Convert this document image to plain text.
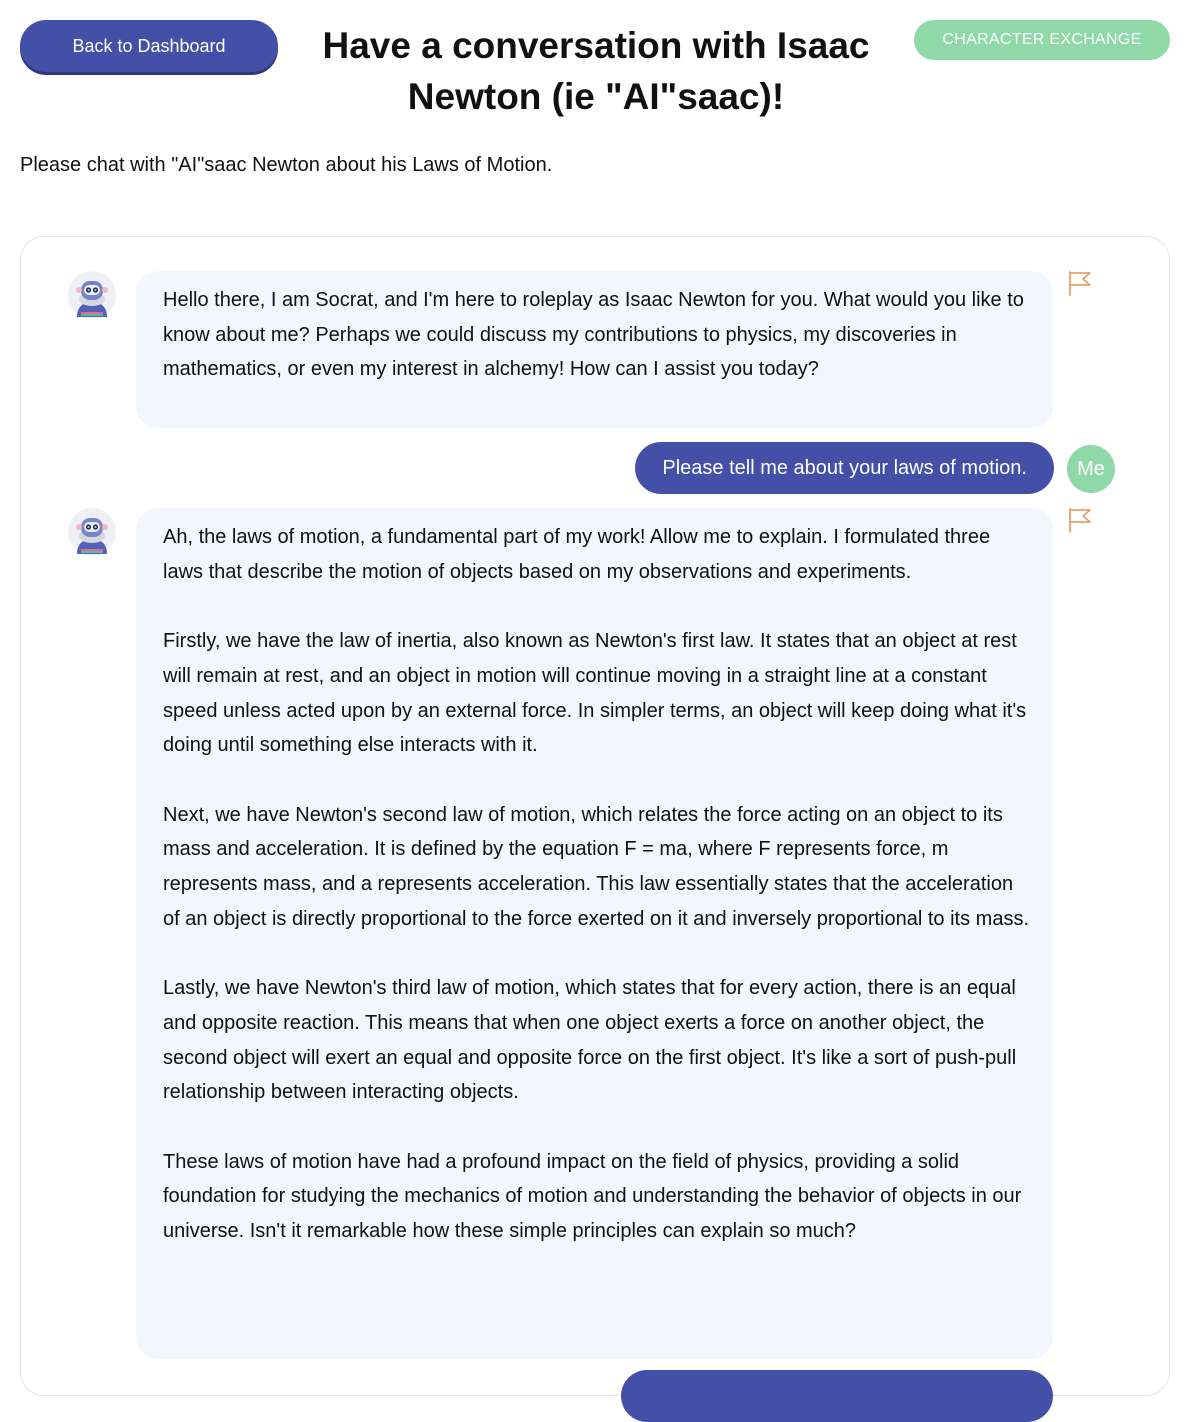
Back to Dashboard	Have a conversation with Isaac Newton (ie "AI"saac)!
CHARACTER EXCHANGE

Please chat with "AI"saac Newton about his Laws of Motion.

Hello there, I am Socrat, and I'm here to roleplay as Isaac Newton for you. What would you like to know about me? Perhaps we could discuss my contributions to physics, my discoveries in mathematics, or even my interest in alchemy! How can I assist you today?

Please tell me about your laws of motion.	Me

Ah, the laws of motion, a fundamental part of my work! Allow me to explain. I formulated three laws that describe the motion of objects based on my observations and experiments.

Firstly, we have the law of inertia, also known as Newton's first law. It states that an object at rest will remain at rest, and an object in motion will continue moving in a straight line at a constant speed unless acted upon by an external force. In simpler terms, an object will keep doing what it's doing until something else interacts with it.

Next, we have Newton's second law of motion, which relates the force acting on an object to its mass and acceleration. It is defined by the equation F = ma, where F represents force, m represents mass, and a represents acceleration. This law essentially states that the acceleration of an object is directly proportional to the force exerted on it and inversely proportional to its mass.

Lastly, we have Newton's third law of motion, which states that for every action, there is an equal and opposite reaction. This means that when one object exerts a force on another object, the second object will exert an equal and opposite force on the first object. It's like a sort of push-pull relationship between interacting objects.

These laws of motion have had a profound impact on the field of physics, providing a solid foundation for studying the mechanics of motion and understanding the behavior of objects in our universe. Isn't it remarkable how these simple principles can explain so much?
